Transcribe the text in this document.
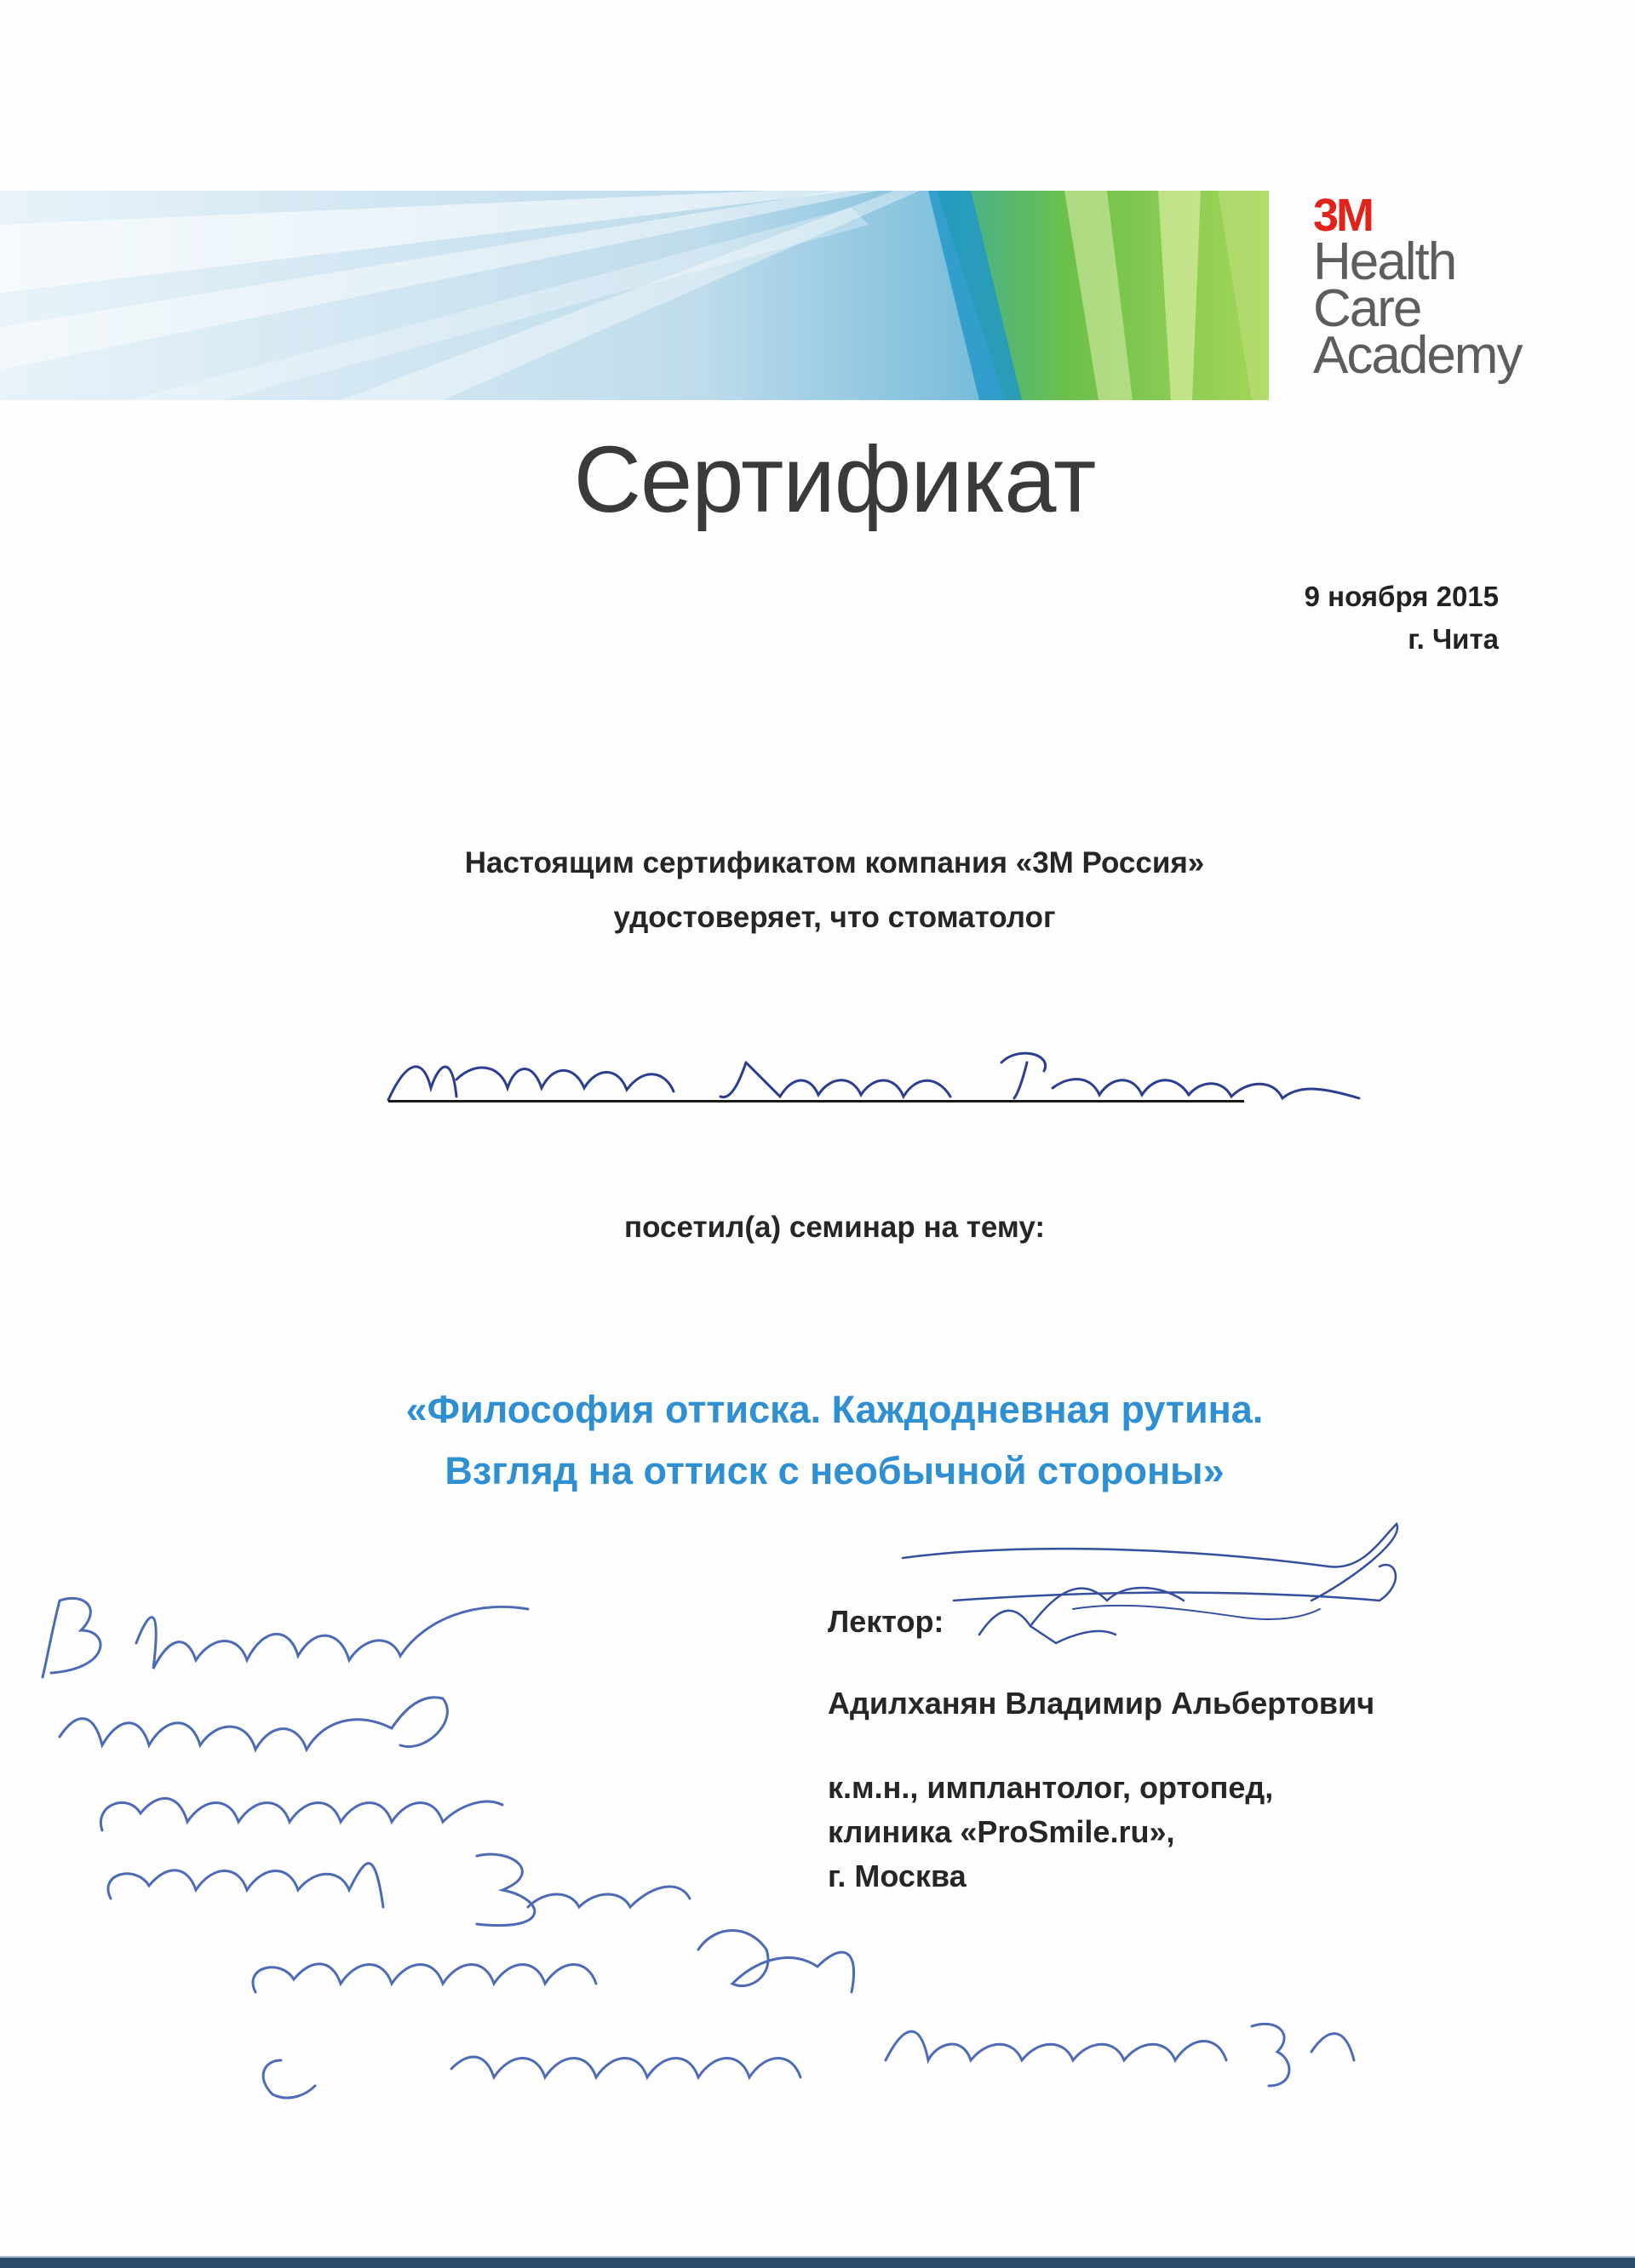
3M
Health
Care
Academy
Сертификат
9 ноября 2015
г. Чита
Настоящим сертификатом компания «3M Россия»
удостоверяет, что стоматолог
Молчанова Людмила Николаевна
посетил(а) семинар на тему:
«Философия оттиска. Каждодневная рутина.
Взгляд на оттиск с необычной стороны»
Лектор:
Адилханян Владимир Альбертович
к.м.н., имплантолог, ортопед,
клиника «ProSmile.ru»,
г. Москва
